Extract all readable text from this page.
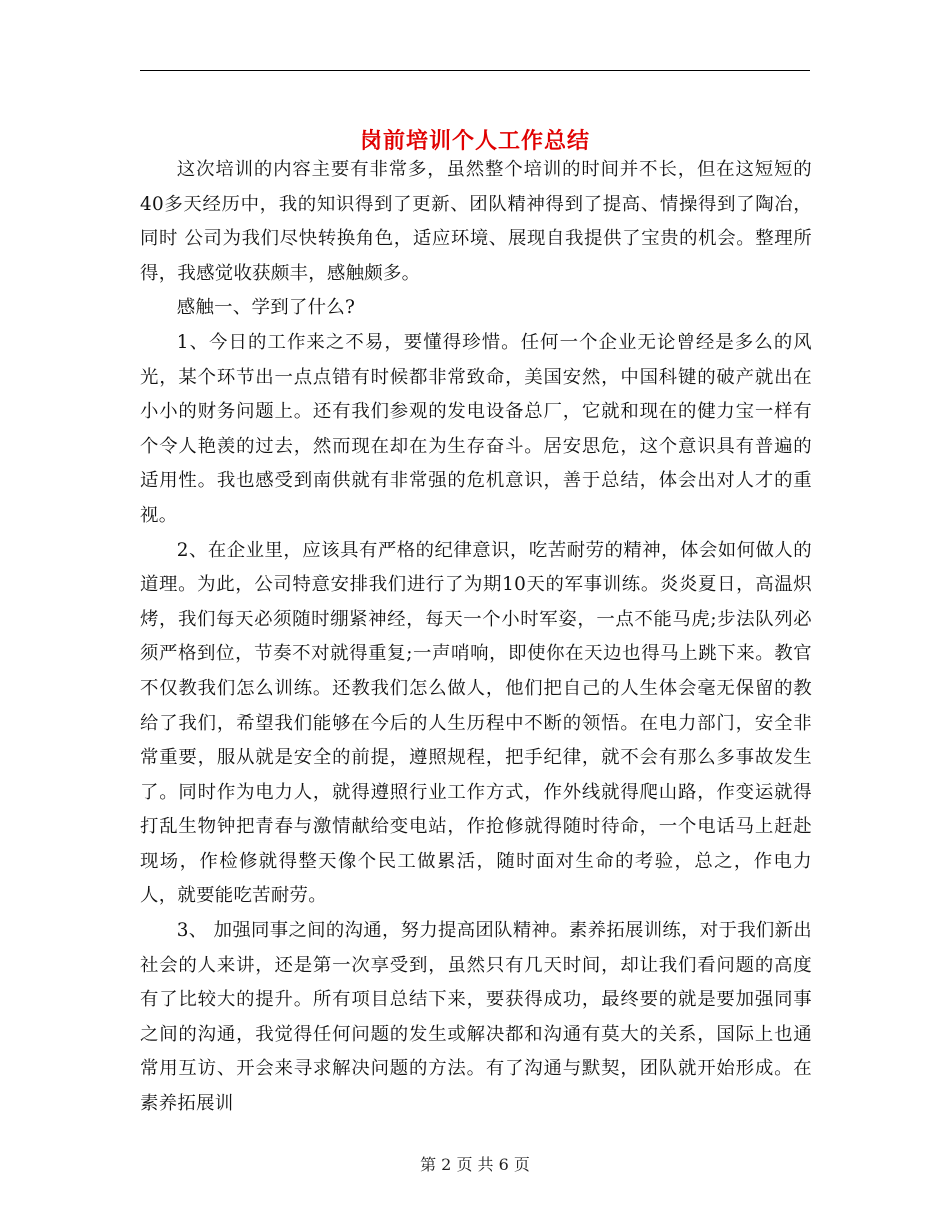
岗前培训个人工作总结

这次培训的内容主要有非常多，虽然整个培训的时间并不长，但在这短短的40多天经历中，我的知识得到了更新、团队精神得到了提高、情操得到了陶冶，同时 公司为我们尽快转换角色，适应环境、展现自我提供了宝贵的机会。整理所得，我感觉收获颇丰，感触颇多。

感触一、学到了什么?

1、今日的工作来之不易，要懂得珍惜。任何一个企业无论曾经是多么的风光，某个环节出一点点错有时候都非常致命，美国安然，中国科键的破产就出在小小的财务问题上。还有我们参观的发电设备总厂，它就和现在的健力宝一样有个令人艳羡的过去，然而现在却在为生存奋斗。居安思危，这个意识具有普遍的适用性。我也感受到南供就有非常强的危机意识，善于总结，体会出对人才的重视。

2、在企业里，应该具有严格的纪律意识，吃苦耐劳的精神，体会如何做人的道理。为此，公司特意安排我们进行了为期10天的军事训练。炎炎夏日，高温炽烤，我们每天必须随时绷紧神经，每天一个小时军姿，一点不能马虎;步法队列必须严格到位，节奏不对就得重复;一声哨响，即使你在天边也得马上跳下来。教官不仅教我们怎么训练。还教我们怎么做人，他们把自己的人生体会毫无保留的教给了我们，希望我们能够在今后的人生历程中不断的领悟。在电力部门，安全非常重要，服从就是安全的前提，遵照规程，把手纪律，就不会有那么多事故发生了。同时作为电力人，就得遵照行业工作方式，作外线就得爬山路，作变运就得打乱生物钟把青春与激情献给变电站，作抢修就得随时待命，一个电话马上赶赴现场，作检修就得整天像个民工做累活，随时面对生命的考验，总之，作电力人，就要能吃苦耐劳。

3、 加强同事之间的沟通，努力提高团队精神。素养拓展训练，对于我们新出社会的人来讲，还是第一次享受到，虽然只有几天时间，却让我们看问题的高度有了比较大的提升。所有项目总结下来，要获得成功，最终要的就是要加强同事之间的沟通，我觉得任何问题的发生或解决都和沟通有莫大的关系，国际上也通常用互访、开会来寻求解决问题的方法。有了沟通与默契，团队就开始形成。在素养拓展训

第 2 页 共 6 页
